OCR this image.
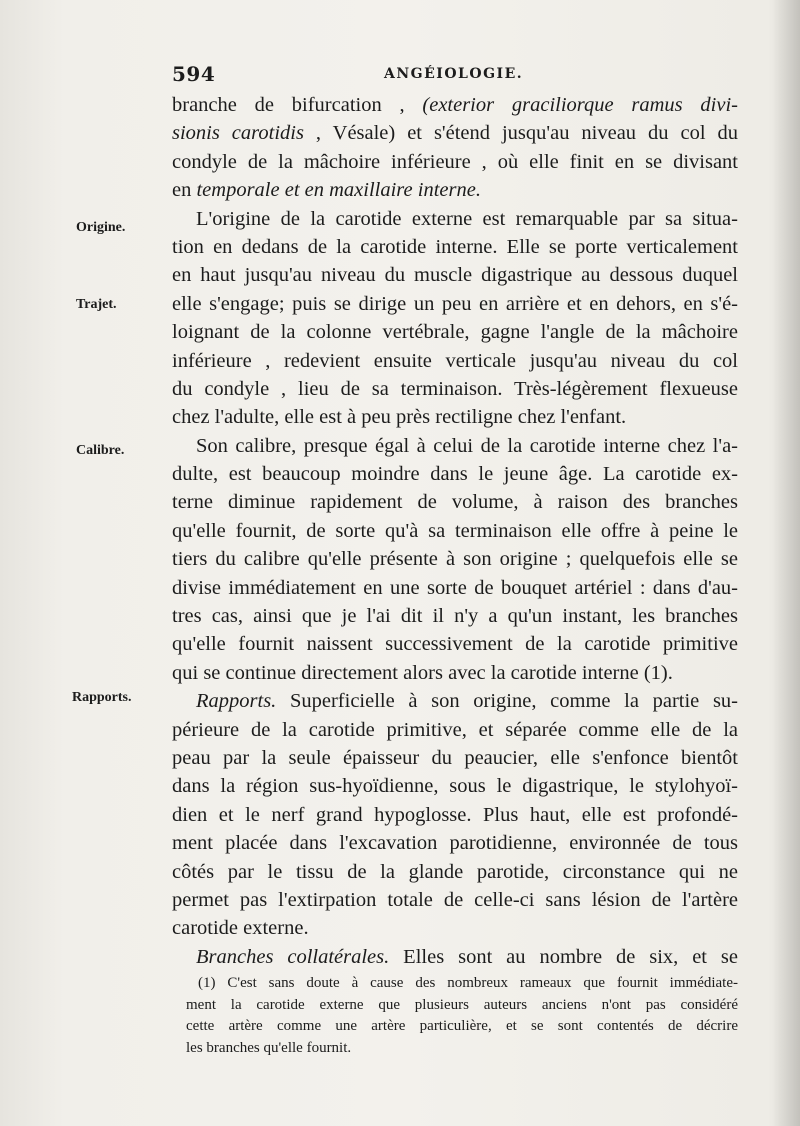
594	ANGÉIOLOGIE.
Origine.
Trajet.
Calibre.
Rapports.
branche de bifurcation , (exterior graciliorque ramus divi-
sionis carotidis , Vésale) et s'étend jusqu'au niveau du col du
condyle de la mâchoire inférieure , où elle finit en se divisant
en temporale et en maxillaire interne.
L'origine de la carotide externe est remarquable par sa situa-
tion en dedans de la carotide interne. Elle se porte verticalement
en haut jusqu'au niveau du muscle digastrique au dessous duquel
elle s'engage; puis se dirige un peu en arrière et en dehors, en s'é-
loignant de la colonne vertébrale, gagne l'angle de la mâchoire
inférieure , redevient ensuite verticale jusqu'au niveau du col
du condyle , lieu de sa terminaison. Très-légèrement flexueuse
chez l'adulte, elle est à peu près rectiligne chez l'enfant.
Son calibre, presque égal à celui de la carotide interne chez l'a-
dulte, est beaucoup moindre dans le jeune âge. La carotide ex-
terne diminue rapidement de volume, à raison des branches
qu'elle fournit, de sorte qu'à sa terminaison elle offre à peine le
tiers du calibre qu'elle présente à son origine ; quelquefois elle se
divise immédiatement en une sorte de bouquet artériel : dans d'au-
tres cas, ainsi que je l'ai dit il n'y a qu'un instant, les branches
qu'elle fournit naissent successivement de la carotide primitive
qui se continue directement alors avec la carotide interne (1).
Rapports. Superficielle à son origine, comme la partie su-
périeure de la carotide primitive, et séparée comme elle de la
peau par la seule épaisseur du peaucier, elle s'enfonce bientôt
dans la région sus-hyoïdienne, sous le digastrique, le stylohyoï-
dien et le nerf grand hypoglosse. Plus haut, elle est profondé-
ment placée dans l'excavation parotidienne, environnée de tous
côtés par le tissu de la glande parotide, circonstance qui ne
permet pas l'extirpation totale de celle-ci sans lésion de l'artère
carotide externe.
Branches collatérales. Elles sont au nombre de six, et se
(1) C'est sans doute à cause des nombreux rameaux que fournit immédiate-
ment la carotide externe que plusieurs auteurs anciens n'ont pas considéré
cette artère comme une artère particulière, et se sont contentés de décrire
les branches qu'elle fournit.
